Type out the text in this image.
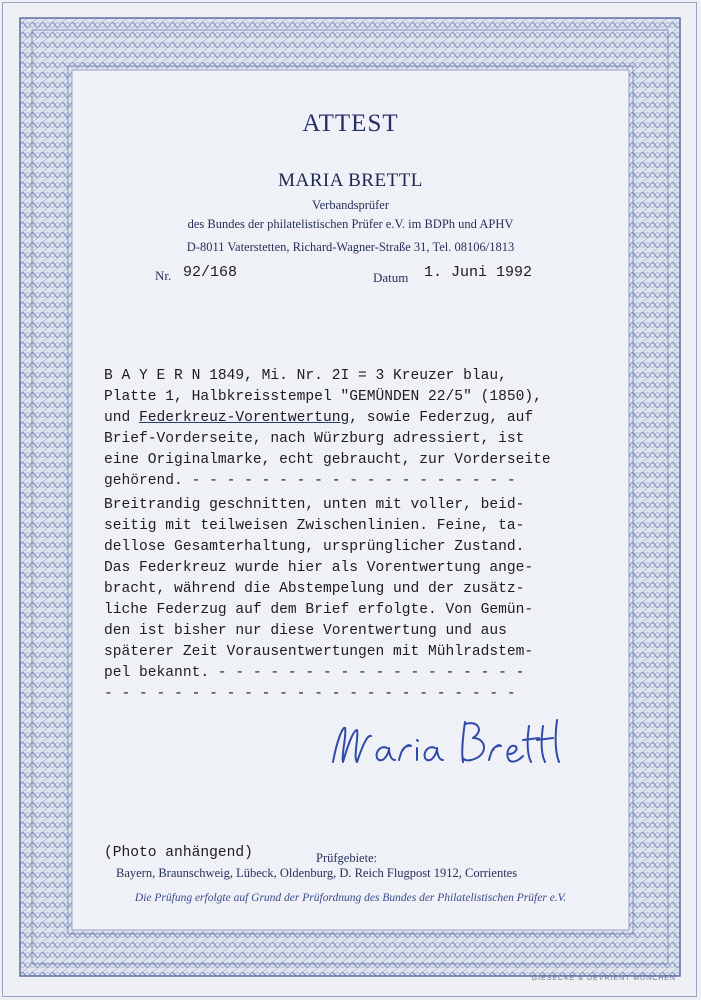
ATTEST
MARIA BRETTL
Verbandsprüfer
des Bundes der philatelistischen Prüfer e.V. im BDPh und APHV
D-8011 Vaterstetten, Richard-Wagner-Straße 31, Tel. 08106/1813
Nr. 92/168	Datum 1. Juni 1992
B A Y E R N 1849, Mi. Nr. 2I = 3 Kreuzer blau,
Platte 1, Halbkreisstempel "GEMÜNDEN 22/5" (1850),
und Federkreuz-Vorentwertung, sowie Federzug, auf
Brief-Vorderseite, nach Würzburg adressiert, ist
eine Originalmarke, echt gebraucht, zur Vorderseite
gehörend. - - - - - - - - - - - - - - - - - - -
Breitrandig geschnitten, unten mit voller, beid-
seitig mit teilweisen Zwischenlinien. Feine, ta-
dellose Gesamterhaltung, ursprünglicher Zustand.
Das Federkreuz wurde hier als Vorentwertung ange-
bracht, während die Abstempelung und der zusätz-
liche Federzug auf dem Brief erfolgte. Von Gemün-
den ist bisher nur diese Vorentwertung und aus
späterer Zeit Vorausentwertungen mit Mühlradstem-
pel bekannt. - - - - - - - - - - - - - - - - - -
- - - - - - - - - - - - - - - - - - - - - - - -
(Photo anhängend)	Prüfgebiete:
Bayern, Braunschweig, Lübeck, Oldenburg, D. Reich Flugpost 1912, Corrientes
Die Prüfung erfolgte auf Grund der Prüfordnung des Bundes der Philatelistischen Prüfer e.V.
GIESECKE & DEVRIENT MÜNCHEN
